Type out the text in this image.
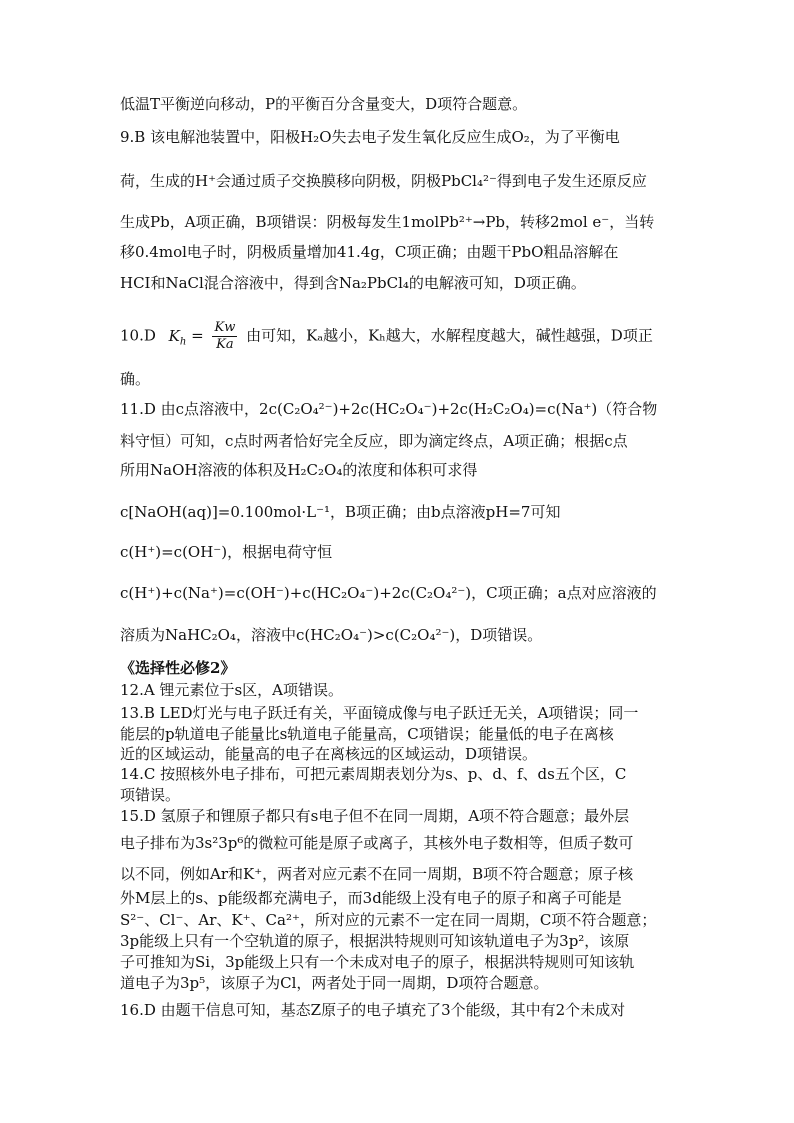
低温T平衡逆向移动，P的平衡百分含量变大，D项符合题意。
9.B 该电解池装置中，阳极H₂O失去电子发生氧化反应生成O₂，为了平衡电
荷，生成的H⁺会通过质子交换膜移向阴极，阴极PbCl₄²⁻得到电子发生还原反应
生成Pb，A项正确，B项错误：阴极每发生1molPb²⁺→Pb，转移2mol e⁻，当转
移0.4mol电子时，阴极质量增加41.4g，C项正确；由题干PbO粗品溶解在
HCI和NaCl混合溶液中，得到含Na₂PbCl₄的电解液可知，D项正确。
10.D $K_h = \frac{Kw}{Ka}$ 由可知，Kₐ越小，Kₕ越大，水解程度越大，碱性越强，D项正
确。
11.D 由c点溶液中，2c(C₂O₄²⁻)+2c(HC₂O₄⁻)+2c(H₂C₂O₄)=c(Na⁺)（符合物
料守恒）可知，c点时两者恰好完全反应，即为滴定终点，A项正确；根据c点
所用NaOH溶液的体积及H₂C₂O₄的浓度和体积可求得
c[NaOH(aq)]=0.100mol·L⁻¹，B项正确；由b点溶液pH=7可知
c(H⁺)=c(OH⁻)，根据电荷守恒
c(H⁺)+c(Na⁺)=c(OH⁻)+c(HC₂O₄⁻)+2c(C₂O₄²⁻)，C项正确；a点对应溶液的
溶质为NaHC₂O₄，溶液中c(HC₂O₄⁻)>c(C₂O₄²⁻)，D项错误。
《选择性必修2》
12.A 锂元素位于s区，A项错误。
13.B LED灯光与电子跃迁有关，平面镜成像与电子跃迁无关，A项错误；同一
能层的p轨道电子能量比s轨道电子能量高，C项错误；能量低的电子在离核
近的区域运动，能量高的电子在离核远的区域运动，D项错误。
14.C 按照核外电子排布，可把元素周期表划分为s、p、d、f、ds五个区，C
项错误。
15.D 氢原子和锂原子都只有s电子但不在同一周期，A项不符合题意；最外层
电子排布为3s²3p⁶的微粒可能是原子或离子，其核外电子数相等，但质子数可
以不同，例如Ar和K⁺，两者对应元素不在同一周期，B项不符合题意；原子核
外M层上的s、p能级都充满电子，而3d能级上没有电子的原子和离子可能是
S²⁻、Cl⁻、Ar、K⁺、Ca²⁺，所对应的元素不一定在同一周期，C项不符合题意；
3p能级上只有一个空轨道的原子，根据洪特规则可知该轨道电子为3p²，该原
子可推知为Si，3p能级上只有一个未成对电子的原子，根据洪特规则可知该轨
道电子为3p⁵，该原子为Cl，两者处于同一周期，D项符合题意。
16.D 由题干信息可知，基态Z原子的电子填充了3个能级，其中有2个未成对
